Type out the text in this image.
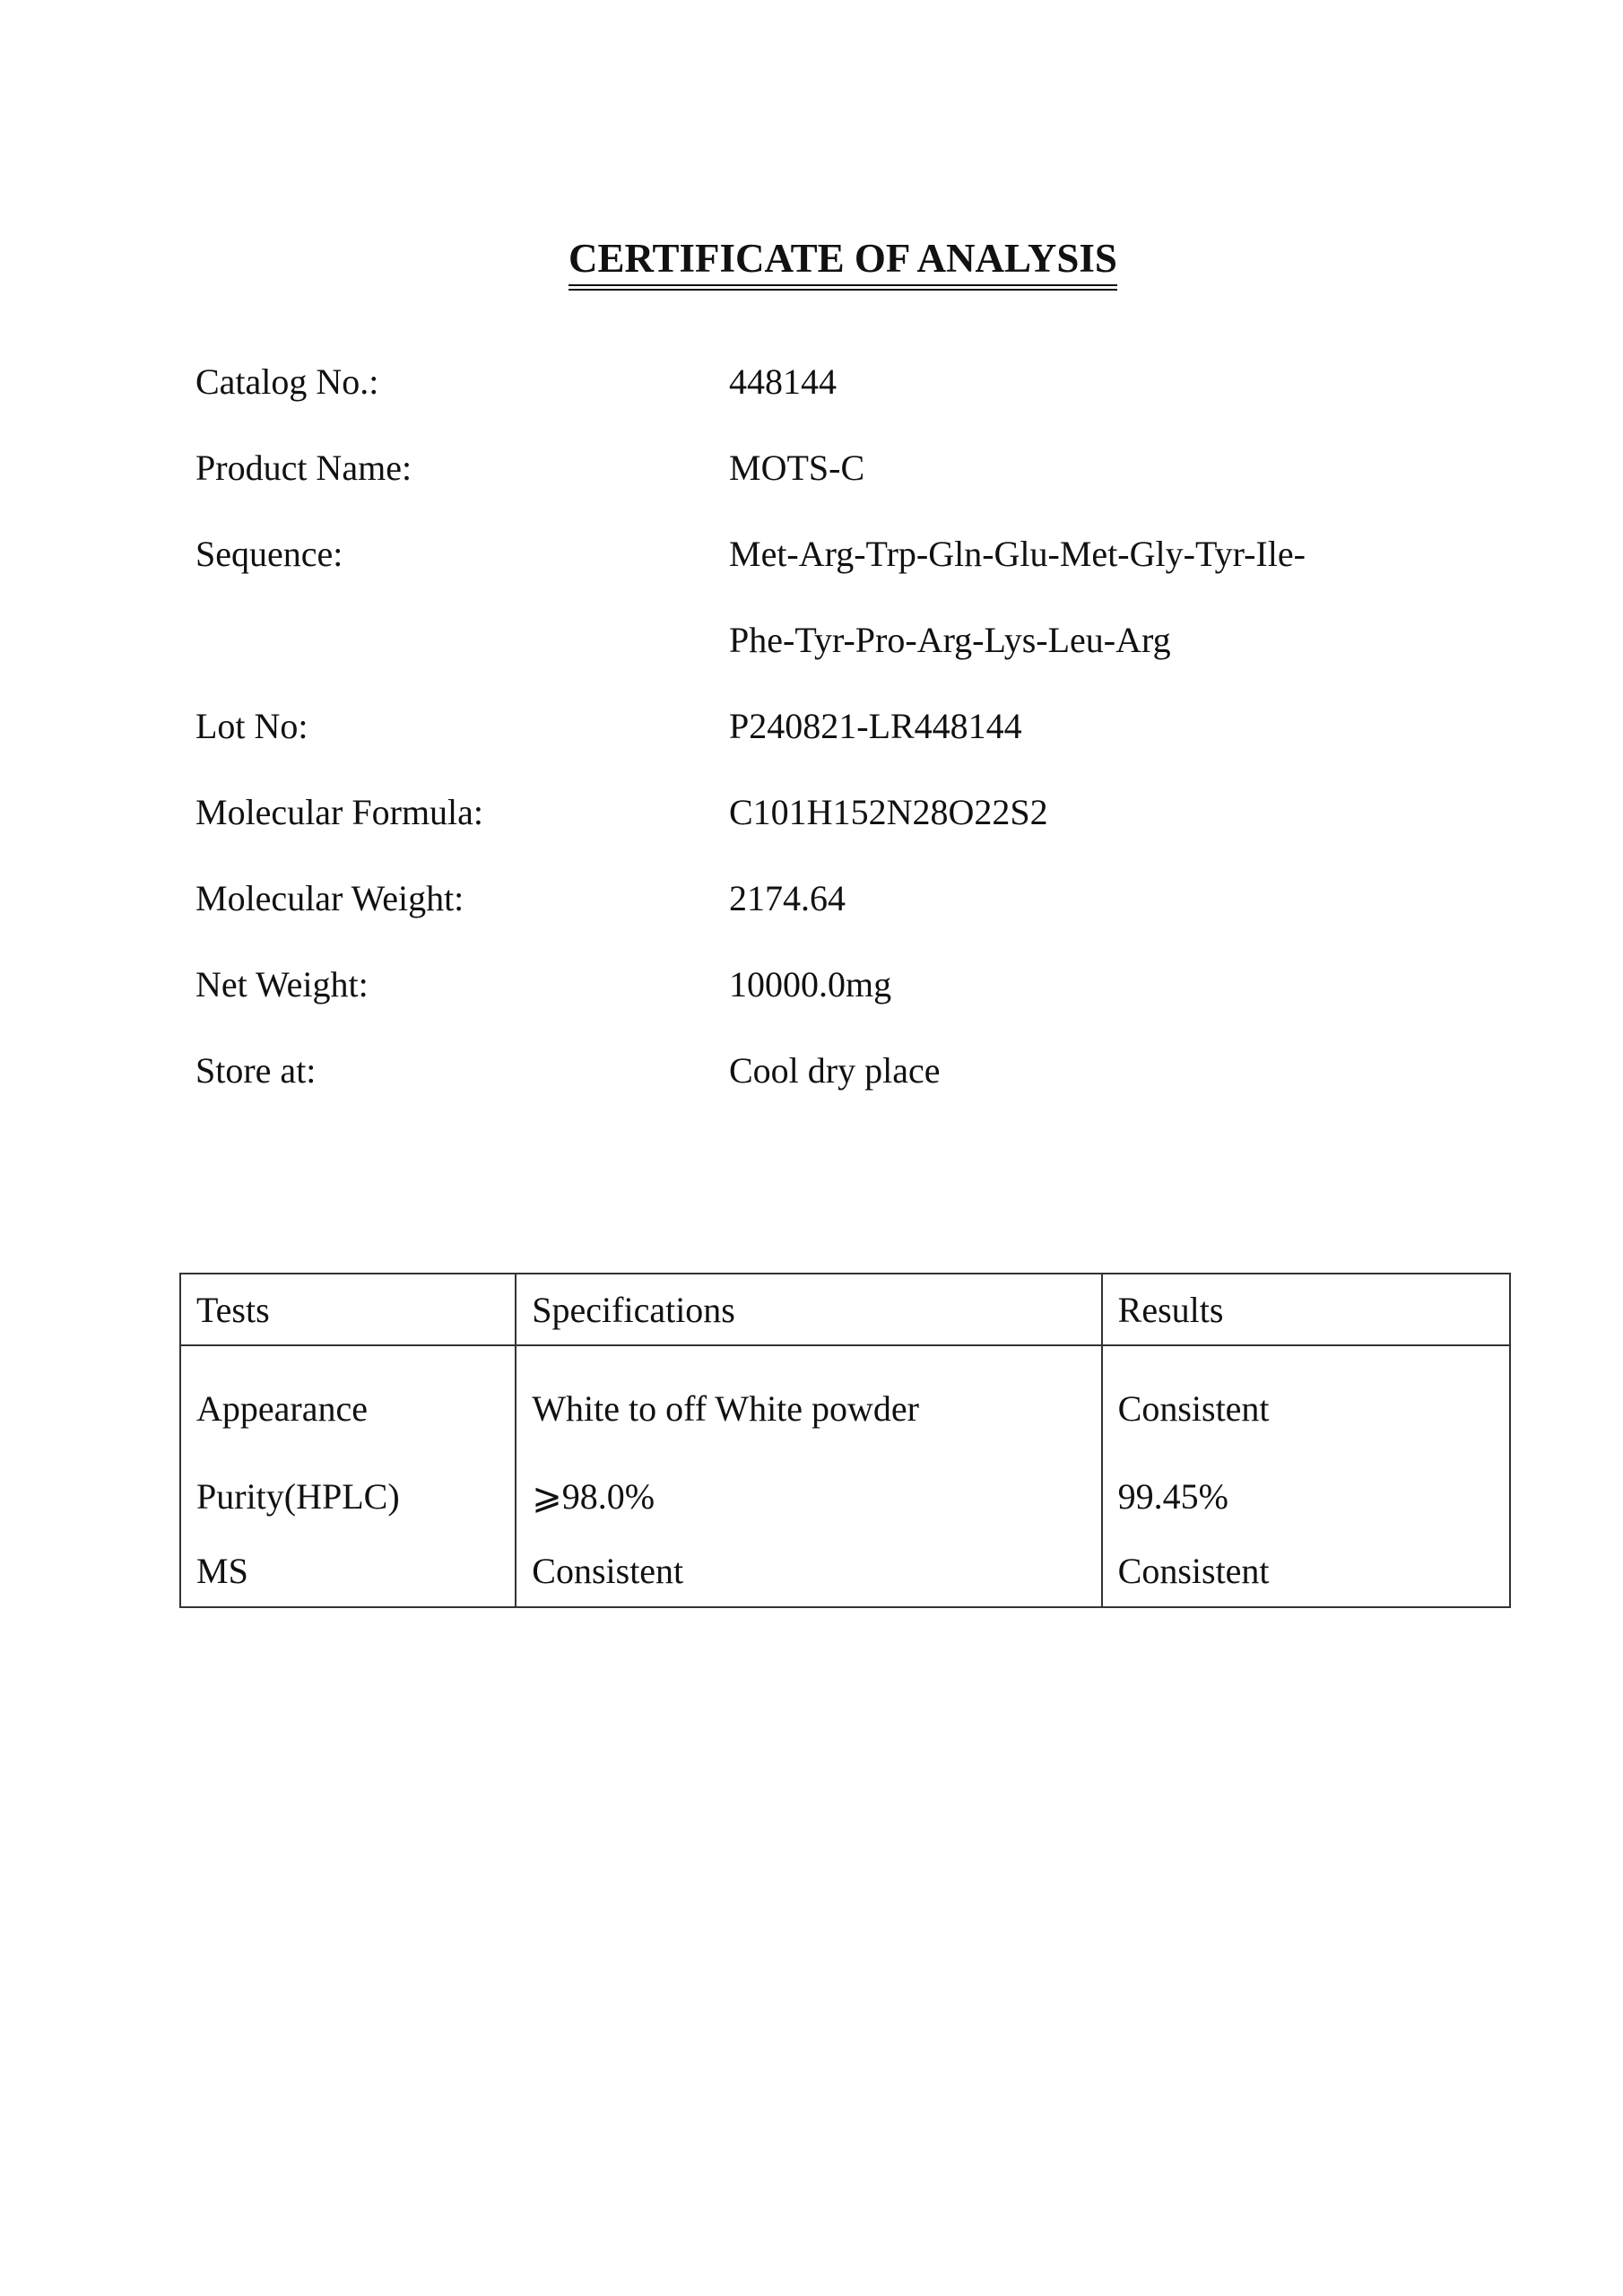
CERTIFICATE OF ANALYSIS
Catalog No.:	448144
Product Name:	MOTS-C
Sequence:	Met-Arg-Trp-Gln-Glu-Met-Gly-Tyr-Ile-
Phe-Tyr-Pro-Arg-Lys-Leu-Arg
Lot No:	P240821-LR448144
Molecular Formula:	C101H152N28O22S2
Molecular Weight:	2174.64
Net Weight:	10000.0mg
Store at:	Cool dry place
Tests	Specifications	Results
Appearance	White to off White powder	Consistent
Purity(HPLC)	⩾98.0%	99.45%
MS	Consistent	Consistent
